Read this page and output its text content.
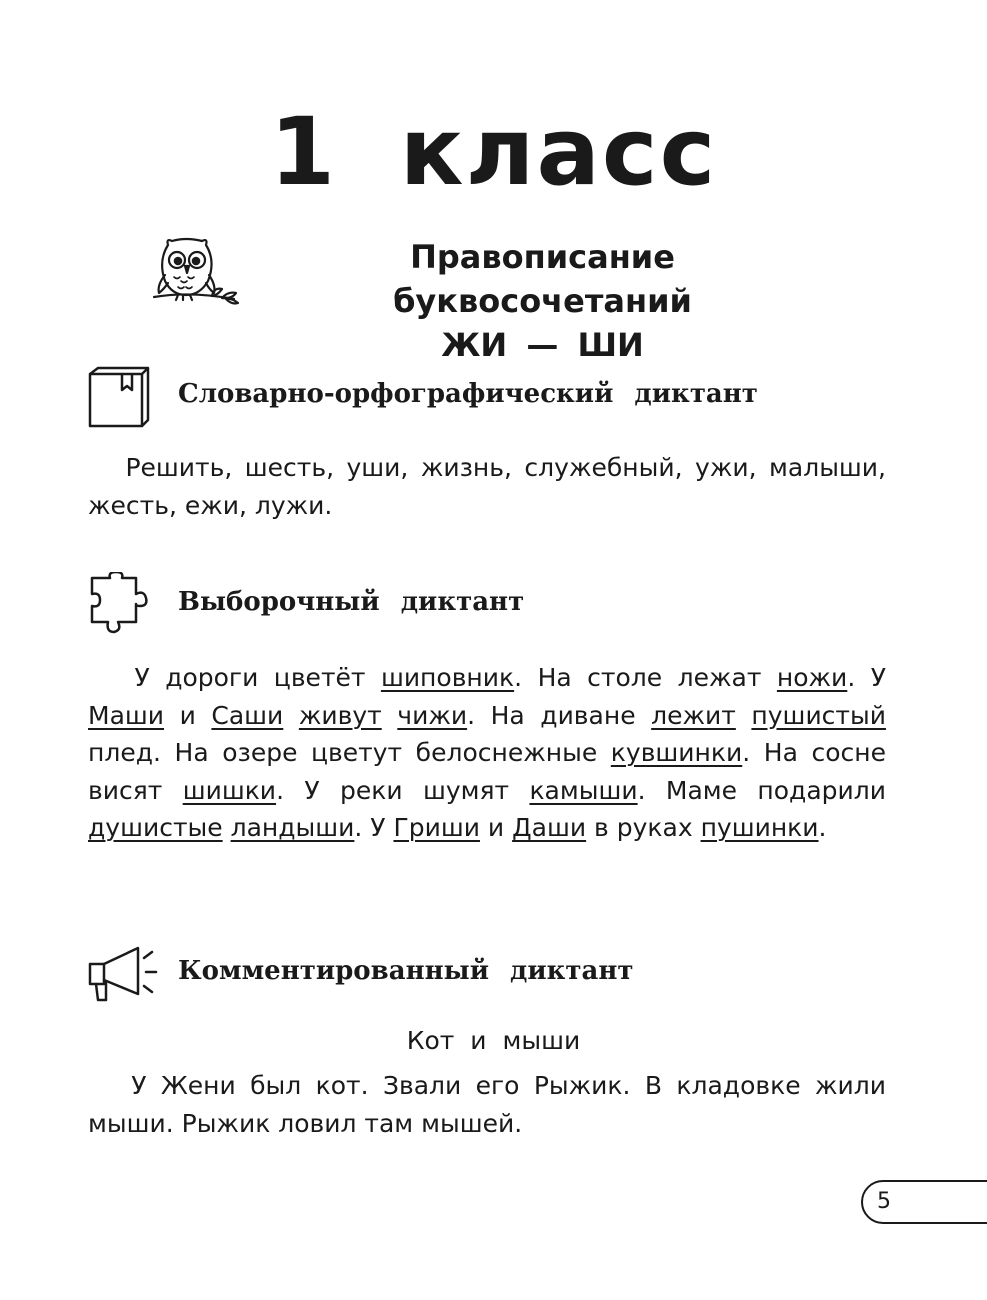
1 класс
Правописание буквосочетаний
ЖИ — ШИ
Словарно-орфографический диктант

Решить, шесть, уши, жизнь, служебный, ужи, малыши, жесть, ежи, лужи.

Выборочный диктант

У дороги цветёт шиповник. На столе лежат ножи. У Маши и Саши живут чижи. На диване лежит пушистый плед. На озере цветут белоснежные кувшинки. На сосне висят шишки. У реки шумят камыши. Маме подарили душистые ландыши. У Гриши и Даши в руках пушинки.

Комментированный диктант
Кот и мыши

У Жени был кот. Звали его Рыжик. В кладовке жили мыши. Рыжик ловил там мышей.

5
